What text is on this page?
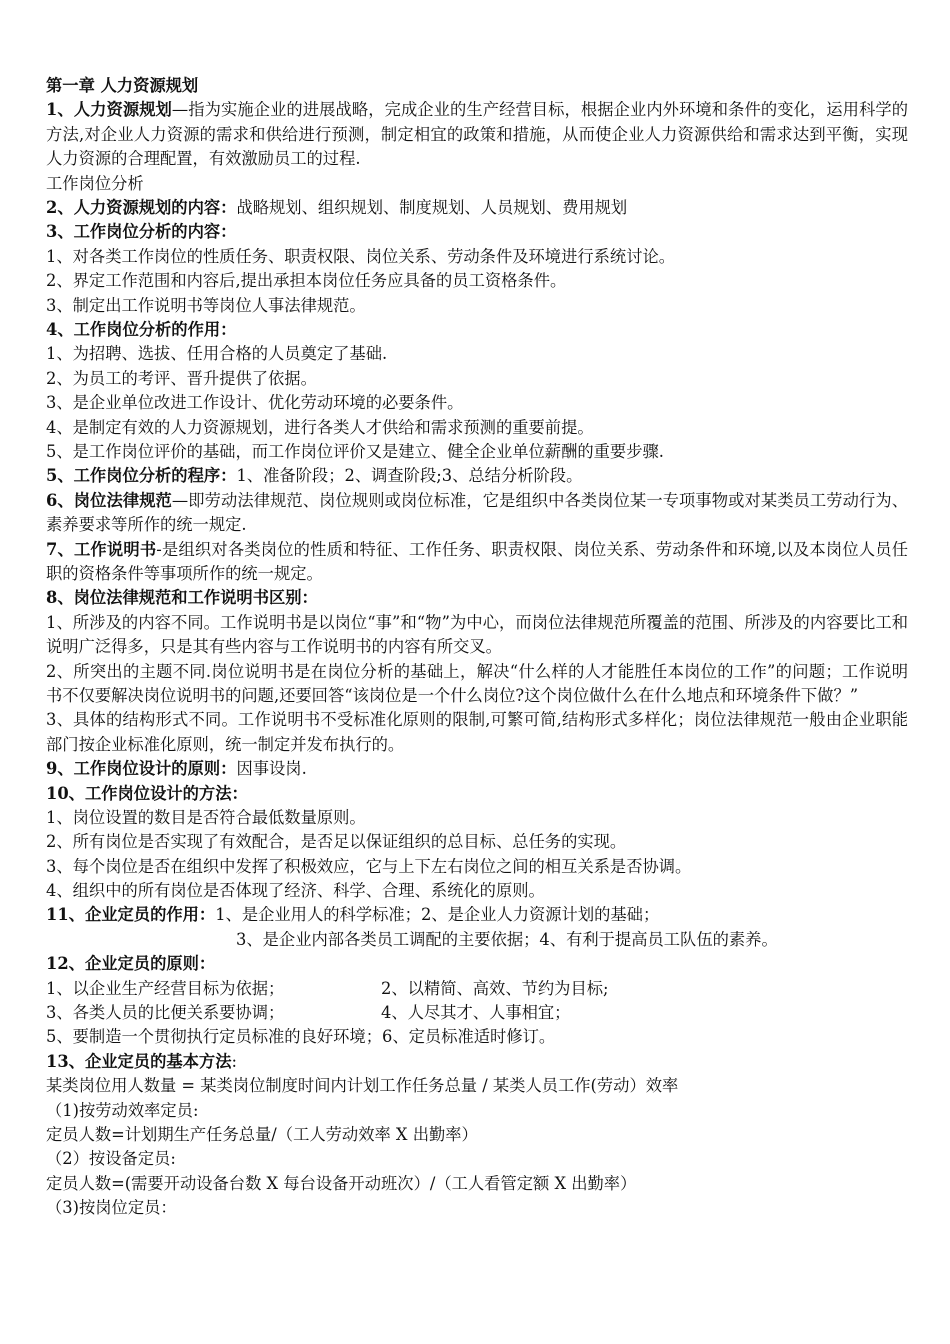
第一章 人力资源规划
1、人力资源规划—指为实施企业的进展战略，完成企业的生产经营目标，根据企业内外环境和条件的变化，运用科学的方法,对企业人力资源的需求和供给进行预测，制定相宜的政策和措施，从而使企业人力资源供给和需求达到平衡，实现人力资源的合理配置，有效激励员工的过程.
工作岗位分析
2、人力资源规划的内容：战略规划、组织规划、制度规划、人员规划、费用规划
3、工作岗位分析的内容：
1、对各类工作岗位的性质任务、职责权限、岗位关系、劳动条件及环境进行系统讨论。
2、界定工作范围和内容后,提出承担本岗位任务应具备的员工资格条件。
3、制定出工作说明书等岗位人事法律规范。
4、工作岗位分析的作用：
1、为招聘、选拔、任用合格的人员奠定了基础.
2、为员工的考评、晋升提供了依据。
3、是企业单位改进工作设计、优化劳动环境的必要条件。
4、是制定有效的人力资源规划，进行各类人才供给和需求预测的重要前提。
5、是工作岗位评价的基础，而工作岗位评价又是建立、健全企业单位薪酬的重要步骤.
5、工作岗位分析的程序：1、准备阶段；2、调查阶段;3、总结分析阶段。
6、岗位法律规范—即劳动法律规范、岗位规则或岗位标准，它是组织中各类岗位某一专项事物或对某类员工劳动行为、素养要求等所作的统一规定.
7、工作说明书-是组织对各类岗位的性质和特征、工作任务、职责权限、岗位关系、劳动条件和环境,以及本岗位人员任职的资格条件等事项所作的统一规定。
8、岗位法律规范和工作说明书区别：
1、所涉及的内容不同。工作说明书是以岗位“事”和“物”为中心，而岗位法律规范所覆盖的范围、所涉及的内容要比工和说明广泛得多，只是其有些内容与工作说明书的内容有所交叉。
2、所突出的主题不同.岗位说明书是在岗位分析的基础上，解决“什么样的人才能胜任本岗位的工作”的问题；工作说明书不仅要解决岗位说明书的问题,还要回答“该岗位是一个什么岗位?这个岗位做什么在什么地点和环境条件下做？”
3、具体的结构形式不同。工作说明书不受标准化原则的限制,可繁可简,结构形式多样化；岗位法律规范一般由企业职能部门按企业标准化原则，统一制定并发布执行的。
9、工作岗位设计的原则：因事设岗.
10、工作岗位设计的方法：
1、岗位设置的数目是否符合最低数量原则。
2、所有岗位是否实现了有效配合，是否足以保证组织的总目标、总任务的实现。
3、每个岗位是否在组织中发挥了积极效应，它与上下左右岗位之间的相互关系是否协调。
4、组织中的所有岗位是否体现了经济、科学、合理、系统化的原则。
11、企业定员的作用：1、是企业用人的科学标准；2、是企业人力资源计划的基础；
3、是企业内部各类员工调配的主要依据；4、有利于提高员工队伍的素养。
12、企业定员的原则：
1、以企业生产经营目标为依据；	2、以精简、高效、节约为目标;
3、各类人员的比便关系要协调；	4、人尽其才、人事相宜；
5、要制造一个贯彻执行定员标准的良好环境；6、定员标准适时修订。
13、企业定员的基本方法:
某类岗位用人数量 = 某类岗位制度时间内计划工作任务总量 / 某类人员工作(劳动）效率
（1)按劳动效率定员:
定员人数=计划期生产任务总量/（工人劳动效率 X 出勤率）
（2）按设备定员:
定员人数=(需要开动设备台数 X 每台设备开动班次）/（工人看管定额 X 出勤率）
（3)按岗位定员：
